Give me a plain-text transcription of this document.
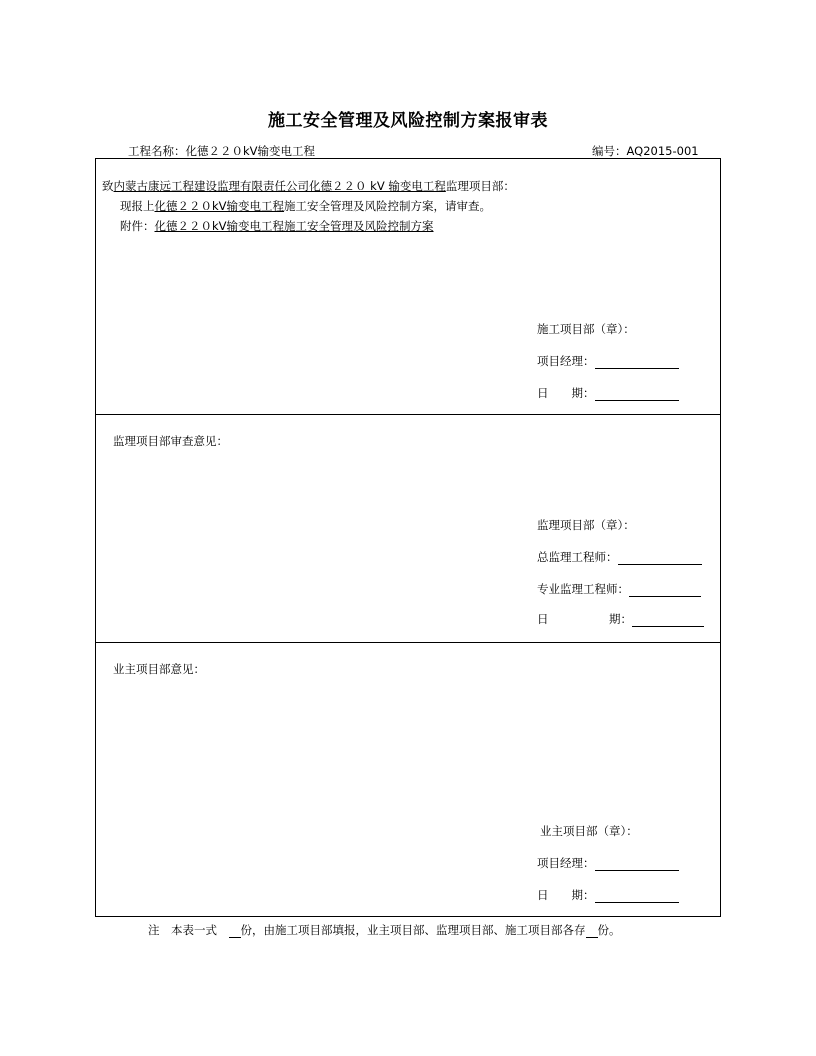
施工安全管理及风险控制方案报审表
工程名称：化德２２０kV输变电工程	编号：AQ2015-001
致内蒙古康远工程建设监理有限责任公司化德２２０ kV 输变电工程监理项目部：
现报上化德２２０kV输变电工程施工安全管理及风险控制方案，请审查。
附件：化德２２０kV输变电工程施工安全管理及风险控制方案
施工项目部（章）：
项目经理：
日　　期：
监理项目部审查意见：
监理项目部（章）：
总监理工程师：
专业监理工程师：
日	期：
业主项目部意见：
业主项目部（章）：
项目经理：
日　　期：
注　 本表一式　 份，由施工项目部填报，业主项目部、监理项目部、施工项目部各存 份。
